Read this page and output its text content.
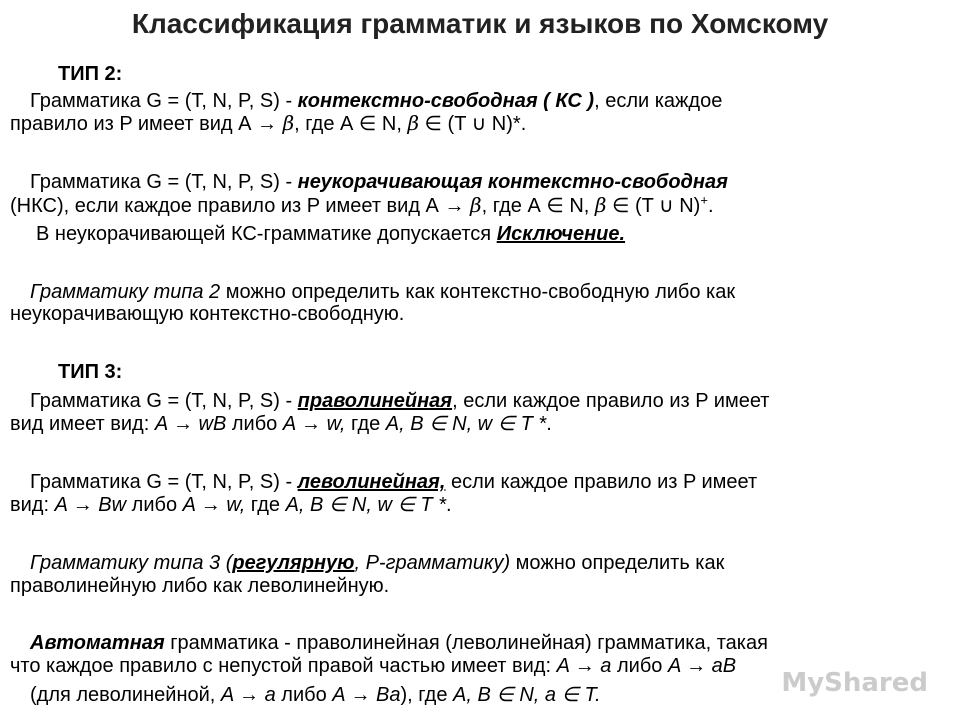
Классификация грамматик и языков по Хомскому
ТИП 2:
Грамматика G = (T, N, P, S) - контекстно-свободная ( КС ), если каждое
правило из P имеет вид А → β, где А ∈ N, β ∈ (T ∪ N)*.
Грамматика G = (T, N, P, S) - неукорачивающая контекстно-свободная
(НКС), если каждое правило из P имеет вид А → β, где А ∈ N, β ∈ (T ∪ N)+.
В неукорачивающей КС-грамматике допускается Исключение.
Грамматику типа 2 можно определить как контекстно-свободную либо как
неукорачивающую контекстно-свободную.
ТИП 3:
Грамматика G = (T, N, P, S) - праволинейная, если каждое правило из P имеет
вид имеет вид: A → wB либо A → w, где A, B ∈ N, w ∈ T *.
Грамматика G = (T, N, P, S) - леволинейная, если каждое правило из P имеет
вид: A → Bw либо A → w, где A, B ∈ N, w ∈ T *.
Грамматику типа 3 (регулярную, Р-грамматику) можно определить как
праволинейную либо как леволинейную.
Автоматная грамматика - праволинейная (леволинейная) грамматика, такая
что каждое правило с непустой правой частью имеет вид: A → a либо A → aB
(для леволинейной, A → a либо A → Ba), где A, B ∈ N, a ∈ T.	MyShared
